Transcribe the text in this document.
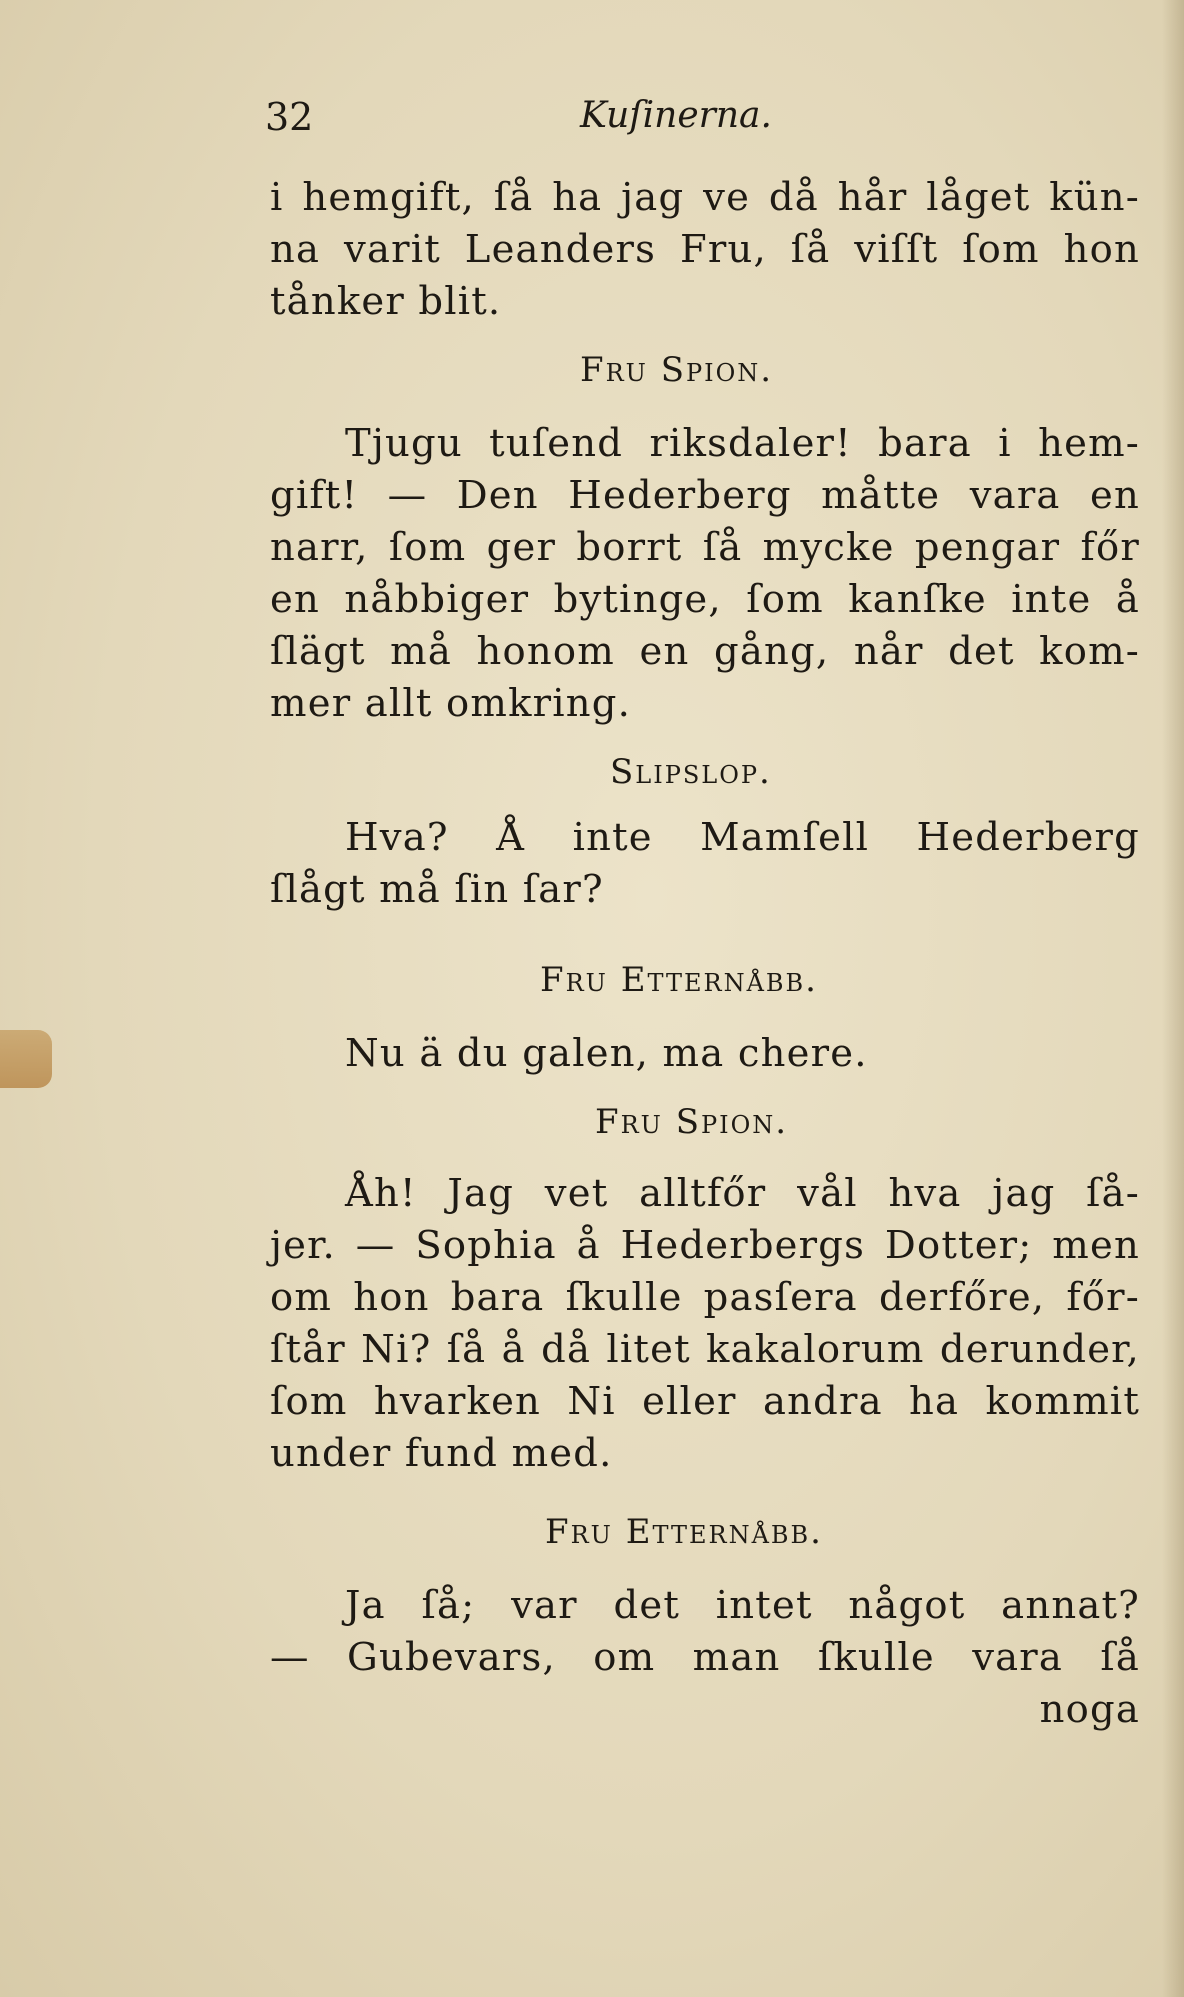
32	Kuſinerna.
i hemgift, ſå ha jag ve då hår låget kün-
na varit Leanders Fru, ſå viſſt ſom hon
tånker blit.
Fru Spion.
Tjugu tuſend riksdaler! bara i hem-
gift! — Den Hederberg måtte vara en
narr, ſom ger borrt ſå mycke pengar főr
en nåbbiger bytinge, ſom kanſke inte å
ſlägt må honom en gång, når det kom-
mer allt omkring.
Slipslop.
Hva? Å inte Mamſell Hederberg
ſlågt må ſin ſar?
Fru Etternåbb.
Nu ä du galen, ma chere.
Fru Spion.
Åh! Jag vet alltfőr vål hva jag ſå-
jer. — Sophia å Hederbergs Dotter; men
om hon bara ſkulle pasſera derfőre, főr-
ſtår Ni? ſå å då litet kakalorum derunder,
ſom hvarken Ni eller andra ha kommit
under fund med.
Fru Etternåbb.
Ja ſå; var det intet något annat?
— Gubevars, om man ſkulle vara ſå
noga
